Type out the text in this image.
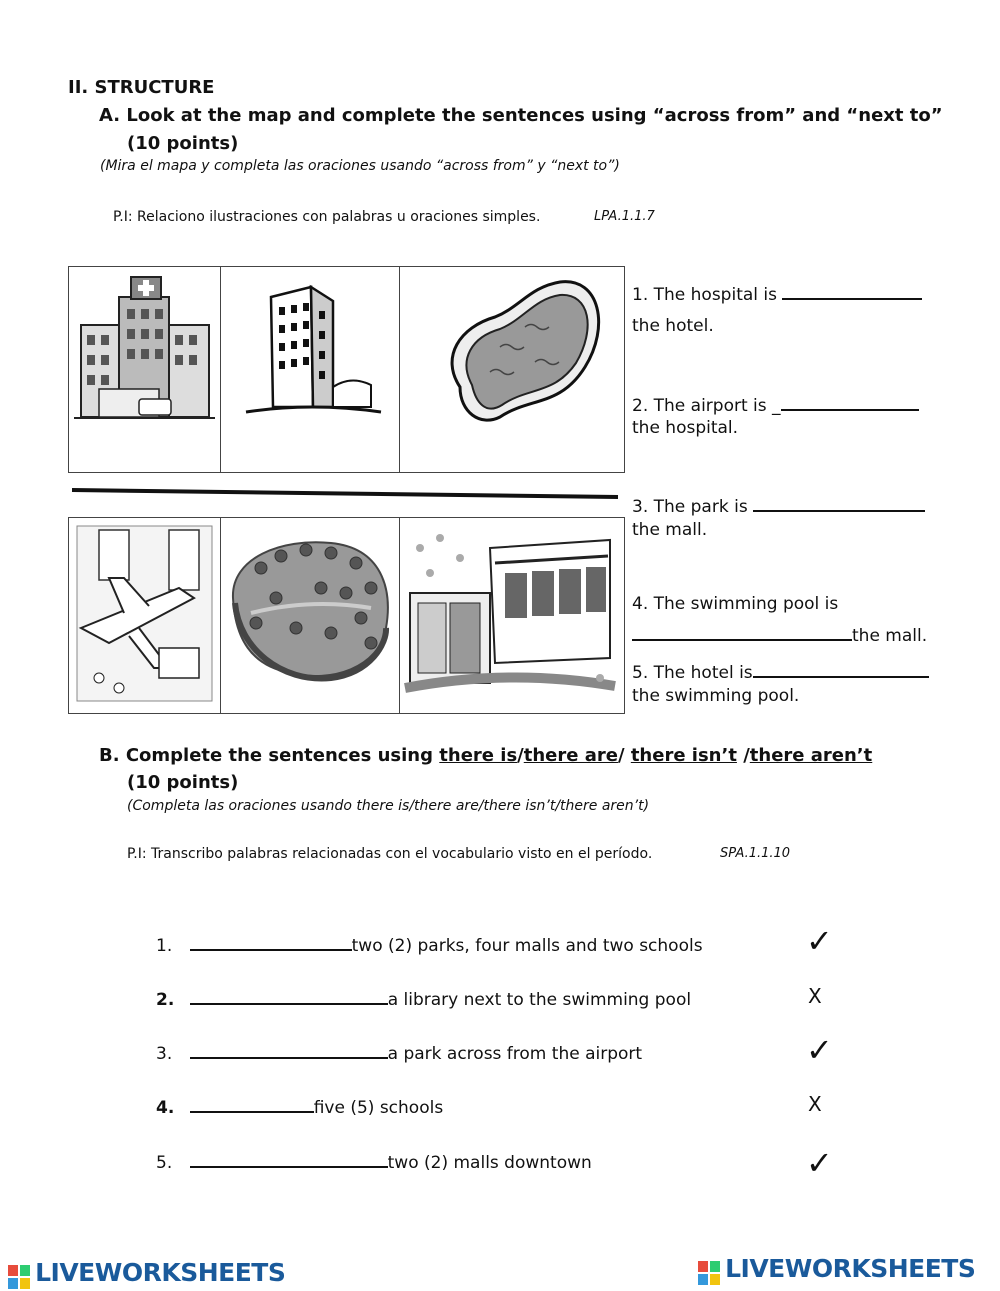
II. STRUCTURE
A. Look at the map and complete the sentences using “across from” and “next to”
(10 points)
(Mira el mapa y completa las oraciones usando “across from” y “next to”)
P.I: Relaciono ilustraciones con palabras u oraciones simples.	LPA.1.1.7

1. The hospital is
the hotel.
2. The airport is _
the hospital.
3. The park is
the mall.
4. The swimming pool is
the mall.
5. The hotel is
the swimming pool.
B. Complete the sentences using there is/there are/ there isn’t /there aren’t
(10 points)
(Completa las oraciones usando there is/there are/there isn’t/there aren’t)
P.I: Transcribo palabras relacionadas con el vocabulario visto en el período.	SPA.1.1.10
1.	two (2) parks, four malls and two schools	✓
2.	a library next to the swimming pool	X
3.	a park across from the airport	✓
4.	five (5) schools	X
5.	two (2) malls downtown	✓
LIVEWORKSHEETS	LIVEWORKSHEETS
